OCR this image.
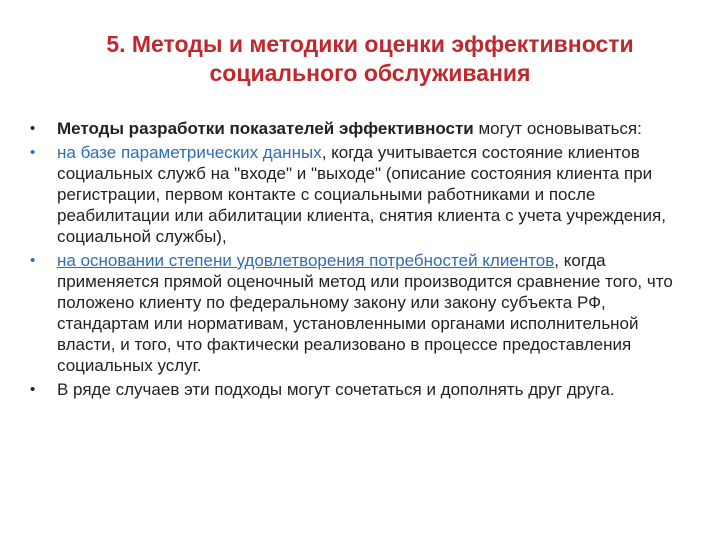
5. Методы и методики оценки эффективности
социального обслуживания
• Методы разработки показателей эффективности могут основываться:
• на базе параметрических данных, когда учитывается состояние клиентов социальных служб на "входе" и "выходе" (описание состояния клиента при регистрации, первом контакте с социальными работниками и после реабилитации или абилитации клиента, снятия клиента с учета учреждения, социальной службы),
• на основании степени удовлетворения потребностей клиентов, когда применяется прямой оценочный метод или производится сравнение того, что положено клиенту по федеральному закону или закону субъекта РФ, стандартам или нормативам, установленными органами исполнительной власти, и того, что фактически реализовано в процессе предоставления социальных услуг.
• В ряде случаев эти подходы могут сочетаться и дополнять друг друга.
